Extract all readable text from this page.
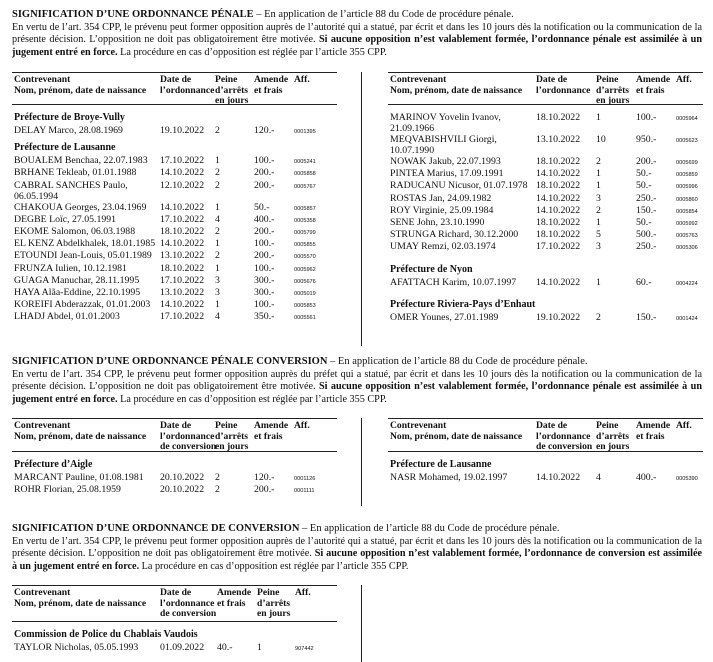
SIGNIFICATION D’UNE ORDONNANCE PÉNALE – En application de l’article 88 du Code de procédure pénale.
En vertu de l’art. 354 CPP, le prévenu peut former opposition auprès de l’autorité qui a statué, par écrit et dans les 10 jours dès la notification ou la communication de la présente décision. L’opposition ne doit pas obligatoirement être motivée. Si aucune opposition n’est valablement formée, l’ordonnance pénale est assimilée à un jugement entré en force. La procédure en cas d’opposition est réglée par l’article 355 CPP.
Contrevenant
Nom, prénom, date de naissance
Date de
l’ordonnance
Peine
d’arrêts
en jours
Amende
et frais
Aff.
Préfecture de Broye-Vully
DELAY Marco, 28.08.1969	19.10.2022 2	120.-	0001395
Préfecture de Lausanne
BOUALEM Benchaa, 22.07.1983 17.10.2022 1	100.-	0005241
BRHANE Tekleab, 01.01.1988 14.10.2022 2	200.-	0005858
CABRAL SANCHES Paulo, 06.05.1994
12.10.2022 2	200.-	0005767
CHAKOUA Georges, 23.04.1969 14.10.2022 1	50.-	0005857
DEGBE Loïc, 27.05.1991	17.10.2022 4	400.-	0005358
EKOME Salomon, 06.03.1988	18.10.2022 2	200.-	0005799
EL KENZ Abdelkhalek, 18.01.1985 14.10.2022 1	100.-	0005855
ETOUNDI Jean-Louis, 05.01.1989 13.10.2022 2	200.-	0005570
FRUNZA Iulien, 10.12.1981	18.10.2022 1	100.-	0005962
GUAGA Manuchar, 28.11.1995 17.10.2022 3	300.-	0005676
HAYA Alãa-Eddine, 22.10.1995 13.10.2022 3	300.-	0005019
KOREIFI Abderazzak, 01.01.2003 14.10.2022 1	100.-	0005853
LHADJ Abdel, 01.01.2003	17.10.2022 4	350.-	0005561
Contrevenant
Nom, prénom, date de naissance
Date de
l’ordonnance
Peine
d’arrêts
en jours
Amende
et frais
Aff.
MARINOV Yovelin Ivanov, 21.09.1966
18.10.2022 1	100.-	0005964
MEQVABISHVILI Giorgi, 10.07.1990
13.10.2022 10	950.-	0005623
NOWAK Jakub, 22.07.1993	18.10.2022 2	200.-	0005699
PINTEA Marius, 17.09.1991	14.10.2022 1	50.-	0005859
RADUCANU Nicusor, 01.07.1978 18.10.2022 1	50.-	0005996
ROSTAS Jan, 24.09.1982	14.10.2022 3	250.-	0005860
ROY Virginie, 25.09.1984	14.10.2022 2	150.-	0005854
SENE John, 23.10.1990	18.10.2022 1	50.-	0005992
STRUNGA Richard, 30.12.2000 18.10.2022 5	500.-	0005763
UMAY Remzi, 02.03.1974	17.10.2022 3	250.-	0005306
Préfecture de Nyon
AFATTACH Karim, 10.07.1997 14.10.2022 1	60.-	0004224
Préfecture Riviera-Pays d’Enhaut
OMER Younes, 27.01.1989	19.10.2022 2	150.-	0001424
SIGNIFICATION D’UNE ORDONNANCE PÉNALE CONVERSION – En application de l’article 88 du Code de procédure pénale.
En vertu de l’art. 354 CPP, le prévenu peut former opposition auprès du préfet qui a statué, par écrit et dans les 10 jours dès la notification ou la communication de la présente décision. L’opposition ne doit pas obligatoirement être motivée. Si aucune opposition n’est valablement formée, l’ordonnance pénale est assimilée à un jugement entré en force. La procédure en cas d’opposition est réglée par l’article 355 CPP.
Contrevenant
Nom, prénom, date de naissance
Date de
l’ordonnance
de conversion
Peine
d’arrêts
en jours
Amende
et frais
Aff.
Préfecture d’Aigle
MARCANT Pauline, 01.08.1981 20.10.2022 2	120.-	0001126
ROHR Florian, 25.08.1959	20.10.2022 2	200.-	0001111
Contrevenant
Nom, prénom, date de naissance
Date de
l’ordonnance
de conversion
Peine
d’arrêts
en jours
Amende
et frais
Aff.
Préfecture de Lausanne
NASR Mohamed, 19.02.1997	14.10.2022 4	400.-	0005390
SIGNIFICATION D’UNE ORDONNANCE DE CONVERSION – En application de l’article 88 du Code de procédure pénale.
En vertu de l’art. 354 CPP, le prévenu peut former opposition auprès de l’autorité qui a statué, par écrit et dans les 10 jours dès la notification ou la communication de la présente décision. L’opposition ne doit pas obligatoirement être motivée. Si aucune opposition n’est valablement formée, l’ordonnance de conversion est assimilée à un jugement entré en force. La procédure en cas d’opposition est réglée par l’article 355 CPP.
Contrevenant
Nom, prénom, date de naissance
Date de
l’ordonnance
de conversion
Amende
et frais
Peine
d’arrêts
en jours
Aff.
Commission de Police du Chablais Vaudois
TAYLOR Nicholas, 05.05.1993 01.09.2022 40.- 1	907442
